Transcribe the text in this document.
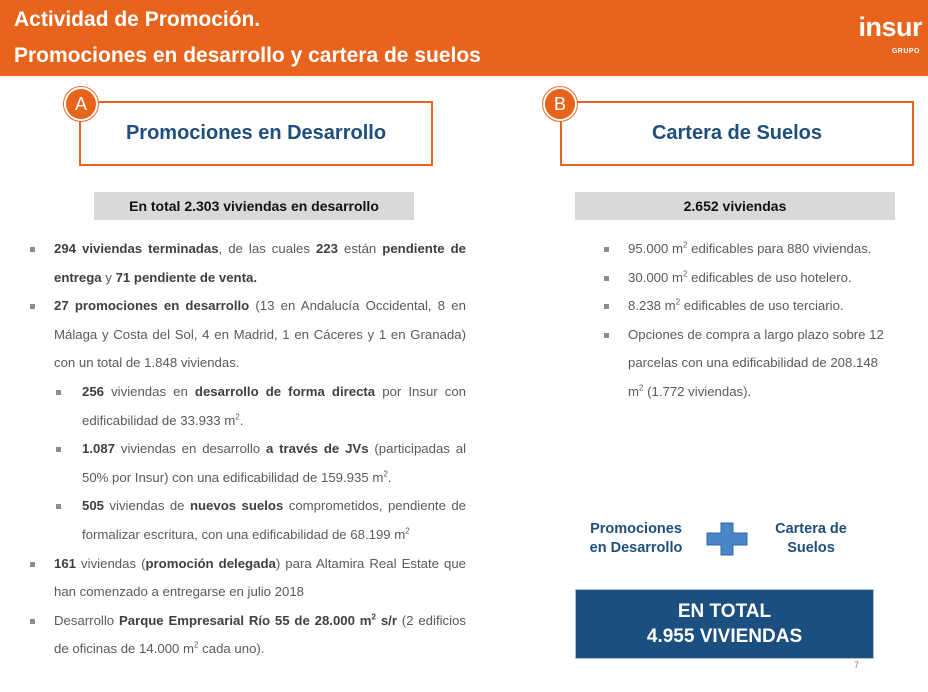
Actividad de Promoción.
Promociones en desarrollo y cartera de suelos
insur
GRUPO
Promociones en Desarrollo
A
En total 2.303 viviendas en desarrollo
294 viviendas terminadas, de las cuales 223 están pendiente de entrega y 71 pendiente de venta.
27 promociones en desarrollo (13 en Andalucía Occidental, 8 en Málaga y Costa del Sol, 4 en Madrid, 1 en Cáceres y 1 en Granada) con un total de 1.848 viviendas.
256 viviendas en desarrollo de forma directa por Insur con edificabilidad de 33.933 $m^2$.
1.087 viviendas en desarrollo a través de JVs (participadas al 50% por Insur) con una edificabilidad de 159.935 $m^2$.
505 viviendas de nuevos suelos comprometidos, pendiente de formalizar escritura, con una edificabilidad de 68.199 $m^2$
161 viviendas (promoción delegada) para Altamira Real Estate que han comenzado a entregarse en julio 2018
Desarrollo Parque Empresarial Río 55 de 28.000 $m^2$ s/r (2 edificios de oficinas de 14.000 $m^2$ cada uno).
Cartera de Suelos
B
2.652 viviendas
95.000 $m^2$ edificables para 880 viviendas.
30.000 $m^2$ edificables de uso hotelero.
8.238 $m^2$ edificables de uso terciario.
Opciones de compra a largo plazo sobre 12 parcelas con una edificabilidad de 208.148 $m^2$ (1.772 viviendas).
Promociones
en Desarrollo
Cartera de
Suelos
EN TOTAL
4.955 VIVIENDAS
7
